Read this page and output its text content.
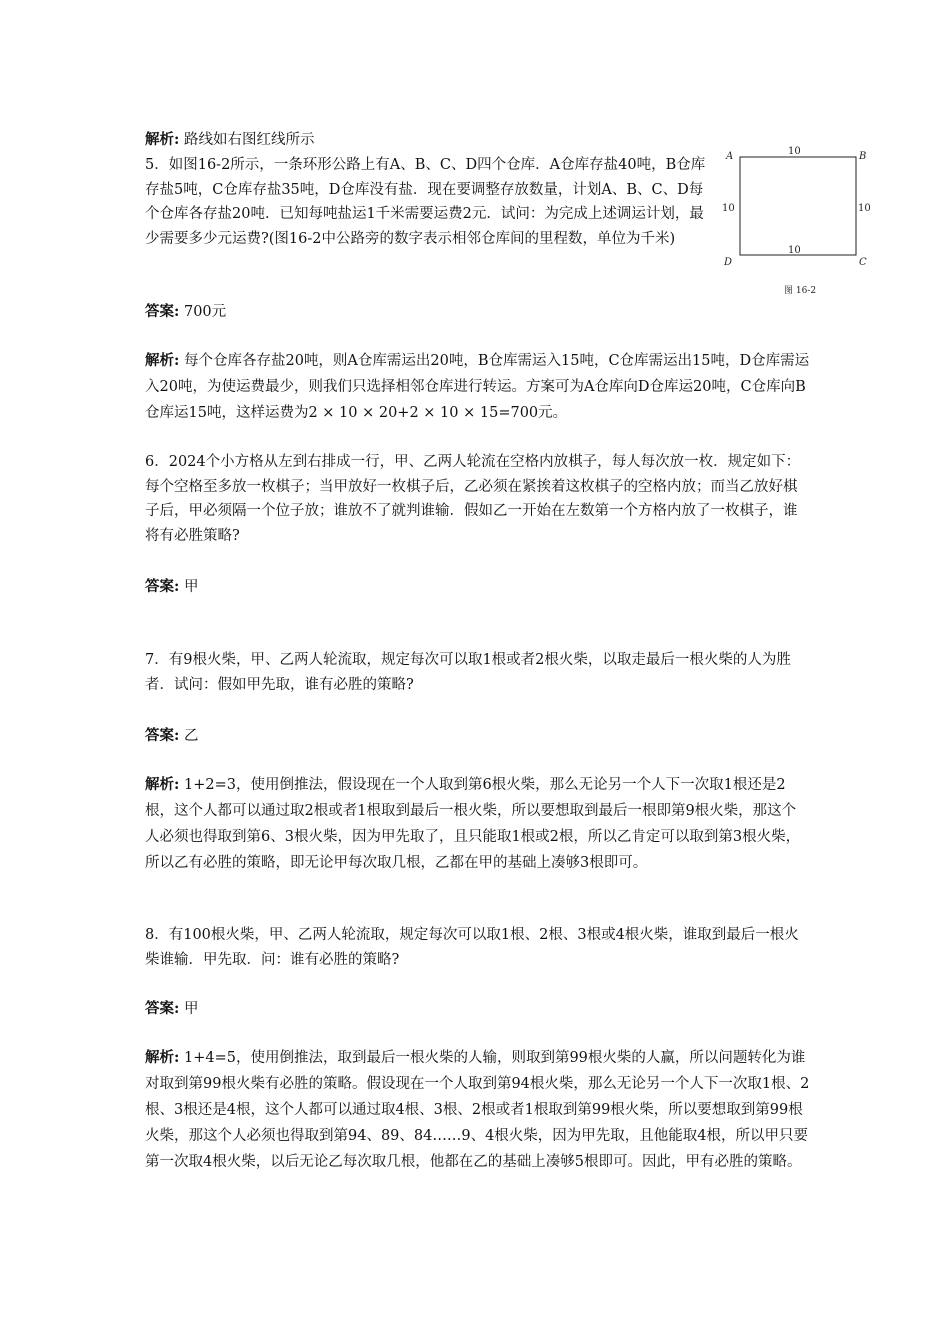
解析: 路线如右图红线所示

5．如图16-2所示，一条环形公路上有A、B、C、D四个仓库．A仓库存盐40吨，B仓库存盐5吨，C仓库存盐35吨，D仓库没有盐．现在要调整存放数量，计划A、B、C、D每个仓库各存盐20吨．已知每吨盐运1千米需要运费2元．试问：为完成上述调运计划，最少需要多少元运费?(图16-2中公路旁的数字表示相邻仓库间的里程数，单位为千米)

A	B
C
D
10
10
10	10
图 16-2

答案: 700元

解析: 每个仓库各存盐20吨，则A仓库需运出20吨，B仓库需运入15吨，C仓库需运出15吨，D仓库需运入20吨，为使运费最少，则我们只选择相邻仓库进行转运。方案可为A仓库向D仓库运20吨，C仓库向B仓库运15吨，这样运费为2 × 10 × 20+2 × 10 × 15=700元。

6．2024个小方格从左到右排成一行，甲、乙两人轮流在空格内放棋子，每人每次放一枚．规定如下：每个空格至多放一枚棋子；当甲放好一枚棋子后，乙必须在紧挨着这枚棋子的空格内放；而当乙放好棋子后，甲必须隔一个位子放；谁放不了就判谁输．假如乙一开始在左数第一个方格内放了一枚棋子，谁将有必胜策略?

答案: 甲

7．有9根火柴，甲、乙两人轮流取，规定每次可以取1根或者2根火柴，以取走最后一根火柴的人为胜者．试问：假如甲先取，谁有必胜的策略?

答案: 乙

解析: 1+2=3，使用倒推法，假设现在一个人取到第6根火柴，那么无论另一个人下一次取1根还是2根，这个人都可以通过取2根或者1根取到最后一根火柴，所以要想取到最后一根即第9根火柴，那这个人必须也得取到第6、3根火柴，因为甲先取了，且只能取1根或2根，所以乙肯定可以取到第3根火柴，所以乙有必胜的策略，即无论甲每次取几根，乙都在甲的基础上凑够3根即可。

8．有100根火柴，甲、乙两人轮流取，规定每次可以取1根、2根、3根或4根火柴，谁取到最后一根火柴谁输．甲先取．问：谁有必胜的策略?

答案: 甲

解析: 1+4=5，使用倒推法，取到最后一根火柴的人输，则取到第99根火柴的人赢，所以问题转化为谁对取到第99根火柴有必胜的策略。假设现在一个人取到第94根火柴，那么无论另一个人下一次取1根、2根、3根还是4根，这个人都可以通过取4根、3根、2根或者1根取到第99根火柴，所以要想取到第99根火柴，那这个人必须也得取到第94、89、84……9、4根火柴，因为甲先取，且他能取4根，所以甲只要第一次取4根火柴，以后无论乙每次取几根，他都在乙的基础上凑够5根即可。因此，甲有必胜的策略。
